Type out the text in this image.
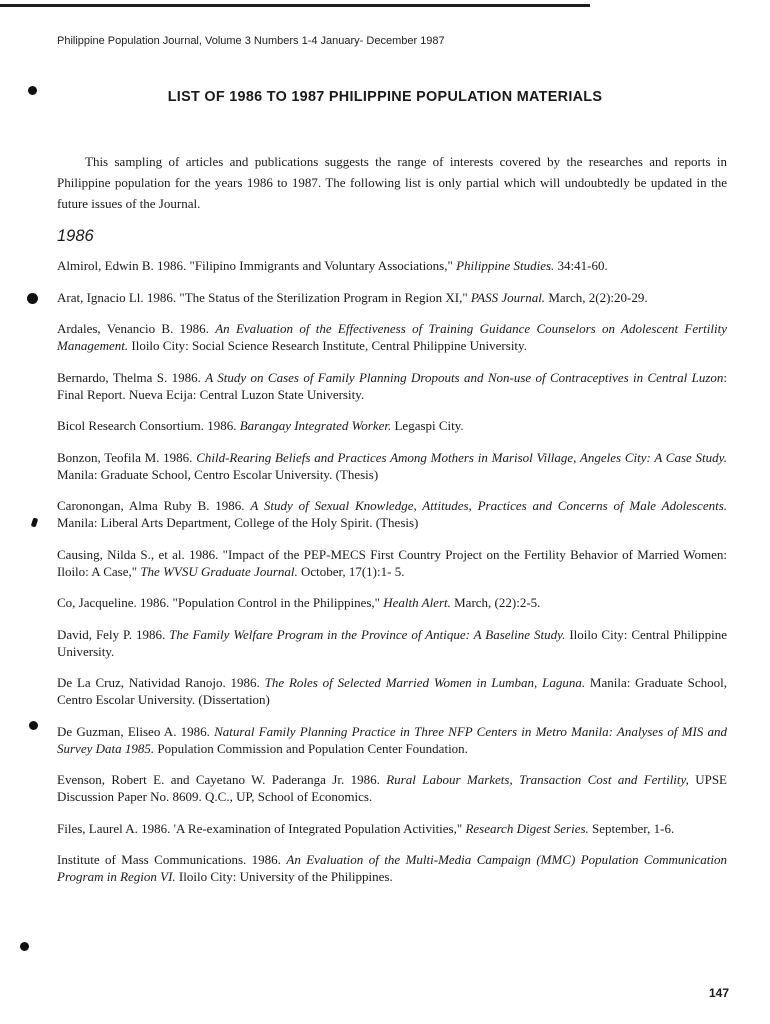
Philippine Population Journal, Volume 3 Numbers 1-4 January- December 1987
LIST OF 1986 TO 1987 PHILIPPINE POPULATION MATERIALS

This sampling of articles and publications suggests the range of interests covered by the researches and reports in Philippine population for the years 1986 to 1987. The following list is only partial which will undoubtedly be updated in the future issues of the Journal.

1986

Almirol, Edwin B. 1986. "Filipino Immigrants and Voluntary Associations," Philippine Studies. 34:41-60.

Arat, Ignacio Ll. 1986. "The Status of the Sterilization Program in Region XI," PASS Journal. March, 2(2):20-29.

Ardales, Venancio B. 1986. An Evaluation of the Effectiveness of Training Guidance Counselors on Adolescent Fertility Management. Iloilo City: Social Science Research Institute, Central Philippine University.

Bernardo, Thelma S. 1986. A Study on Cases of Family Planning Dropouts and Non-use of Contraceptives in Central Luzon: Final Report. Nueva Ecija: Central Luzon State University.

Bicol Research Consortium. 1986. Barangay Integrated Worker. Legaspi City.

Bonzon, Teofila M. 1986. Child-Rearing Beliefs and Practices Among Mothers in Marisol Village, Angeles City: A Case Study. Manila: Graduate School, Centro Escolar University. (Thesis)

Caronongan, Alma Ruby B. 1986. A Study of Sexual Knowledge, Attitudes, Practices and Concerns of Male Adolescents. Manila: Liberal Arts Department, College of the Holy Spirit. (Thesis)

Causing, Nilda S., et al. 1986. "Impact of the PEP-MECS First Country Project on the Fertility Behavior of Married Women: Iloilo: A Case," The WVSU Graduate Journal. October, 17(1):1- 5.

Co, Jacqueline. 1986. "Population Control in the Philippines," Health Alert. March, (22):2-5.

David, Fely P. 1986. The Family Welfare Program in the Province of Antique: A Baseline Study. Iloilo City: Central Philippine University.

De La Cruz, Natividad Ranojo. 1986. The Roles of Selected Married Women in Lumban, Laguna. Manila: Graduate School, Centro Escolar University. (Dissertation)

De Guzman, Eliseo A. 1986. Natural Family Planning Practice in Three NFP Centers in Metro Manila: Analyses of MIS and Survey Data 1985. Population Commission and Population Center Foundation.

Evenson, Robert E. and Cayetano W. Paderanga Jr. 1986. Rural Labour Markets, Transaction Cost and Fertility, UPSE Discussion Paper No. 8609. Q.C., UP, School of Economics.

Files, Laurel A. 1986. 'A Re-examination of Integrated Population Activities," Research Digest Series. September, 1-6.

Institute of Mass Communications. 1986. An Evaluation of the Multi-Media Campaign (MMC) Population Communication Program in Region VI. Iloilo City: University of the Philippines.

147
